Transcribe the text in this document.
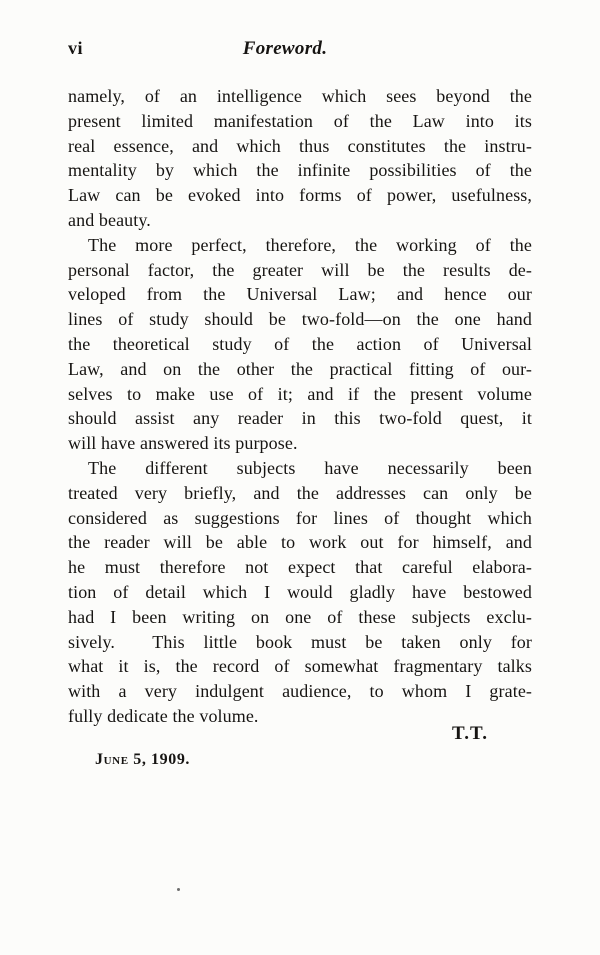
vi	Foreword.
namely, of an intelligence which sees beyond the
present limited manifestation of the Law into its
real essence, and which thus constitutes the instru-
mentality by which the infinite possibilities of the
Law can be evoked into forms of power, usefulness,
and beauty.
The more perfect, therefore, the working of the
personal factor, the greater will be the results de-
veloped from the Universal Law; and hence our
lines of study should be two-fold—on the one hand
the theoretical study of the action of Universal
Law, and on the other the practical fitting of our-
selves to make use of it; and if the present volume
should assist any reader in this two-fold quest, it
will have answered its purpose.
The different subjects have necessarily been
treated very briefly, and the addresses can only be
considered as suggestions for lines of thought which
the reader will be able to work out for himself, and
he must therefore not expect that careful elabora-
tion of detail which I would gladly have bestowed
had I been writing on one of these subjects exclu-
sively.  This little book must be taken only for
what it is, the record of somewhat fragmentary talks
with a very indulgent audience, to whom I grate-
fully dedicate the volume.
T.T.
June 5, 1909.
